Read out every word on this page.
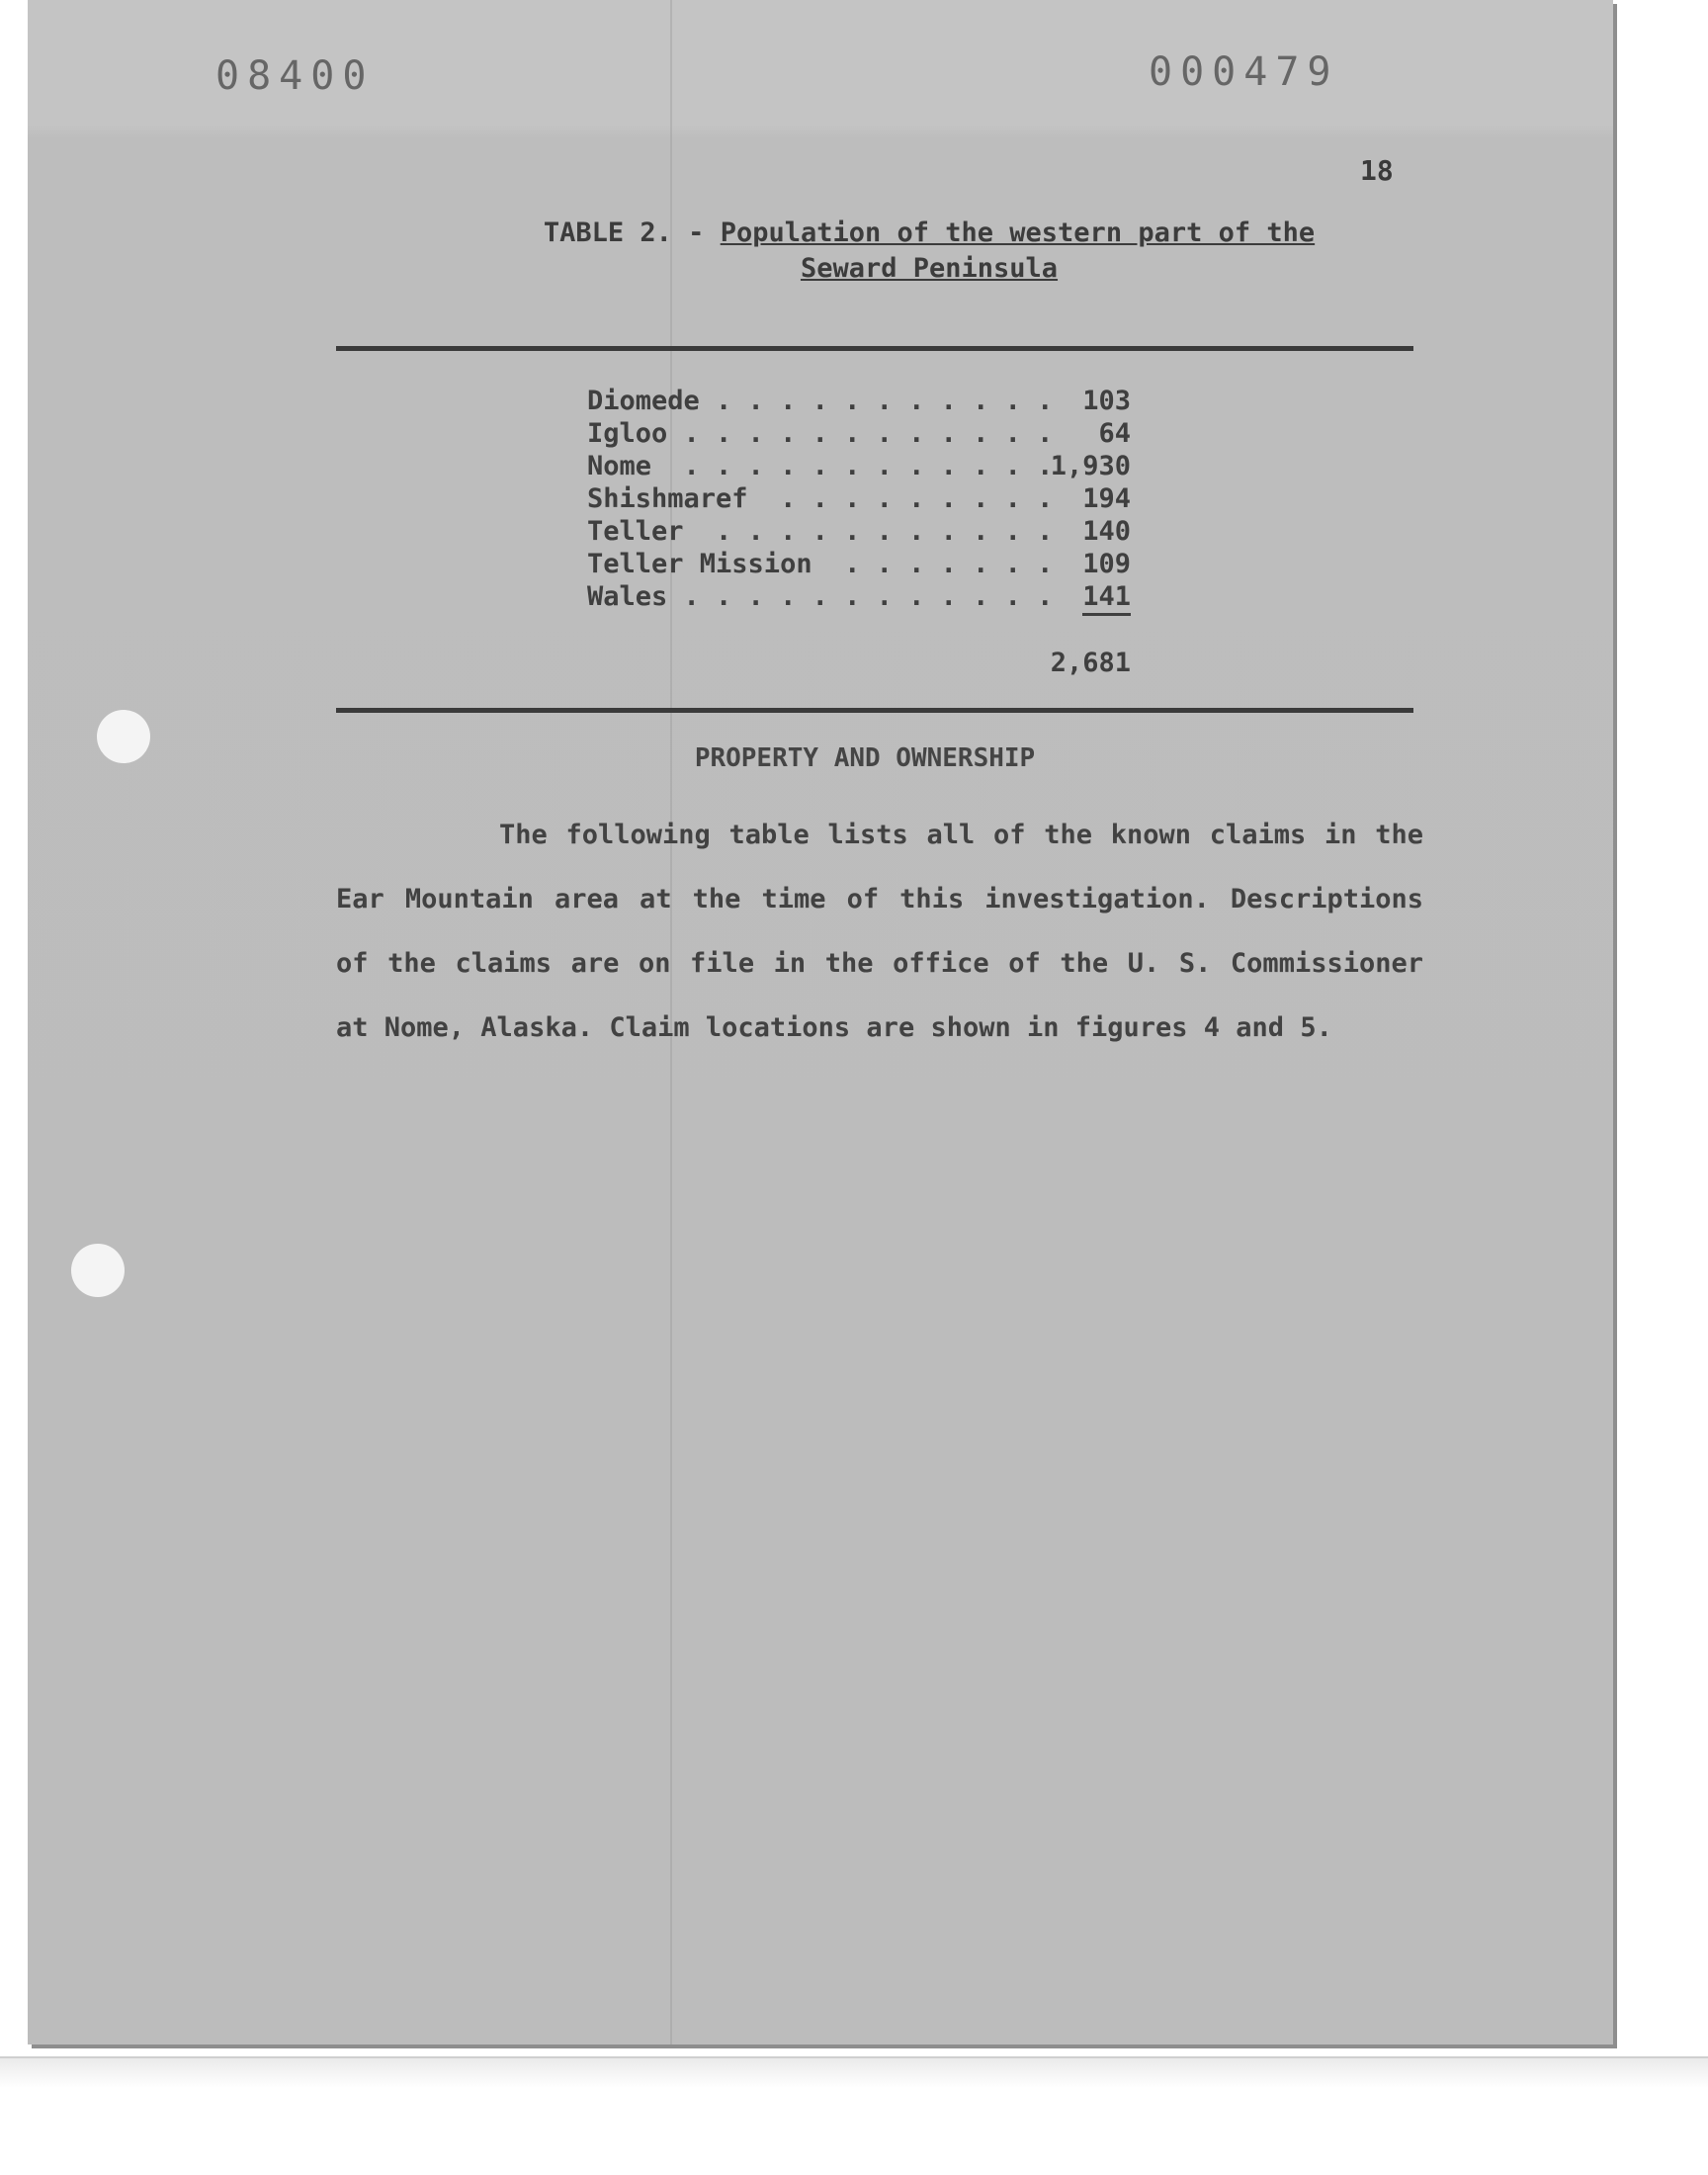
08400	000479
18
TABLE 2. - Population of the western part of the
Seward Peninsula
Diomede . . . . . . . . . . . 103
Igloo . . . . . . . . . . . . 64
Nome  . . . . . . . . . . . .
1,930
Shishmaref  . . . . . . . . . 194
Teller  . . . . . . . . . . . 140
Teller Mission  . . . . . . . 109
Wales . . . . . . . . . . . . 141
2,681
PROPERTY AND OWNERSHIP
The following table lists all of the known claims in the Ear Mountain area at the time of this investigation. Descriptions of the claims are on file in the office of the U. S. Commissioner at Nome, Alaska. Claim locations are shown in figures 4 and 5.
